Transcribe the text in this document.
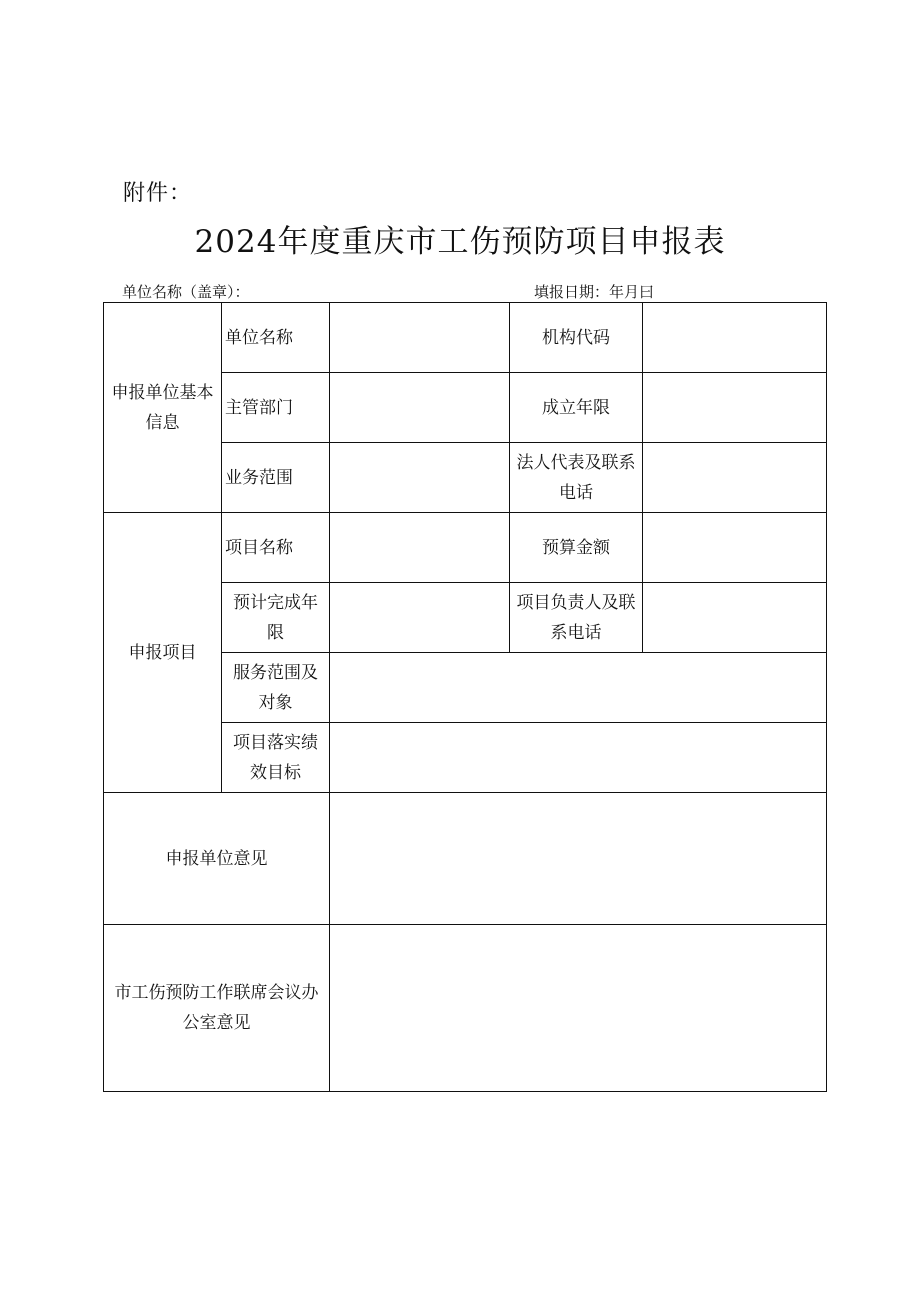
附件：
2024年度重庆市工伤预防项目申报表
单位名称（盖章）：	填报日期：年月曰
申报单位基本信息	单位名称		机构代码	
	主管部门		成立年限	
	业务范围		法人代表及联系电话	
申报项目	项目名称		预算金额	
	预计完成年限		项目负责人及联系电话	
	服务范围及对象			
	项目落实绩效目标			
申报单位意见				
市工伤预防工作联席会议办公室意见				
